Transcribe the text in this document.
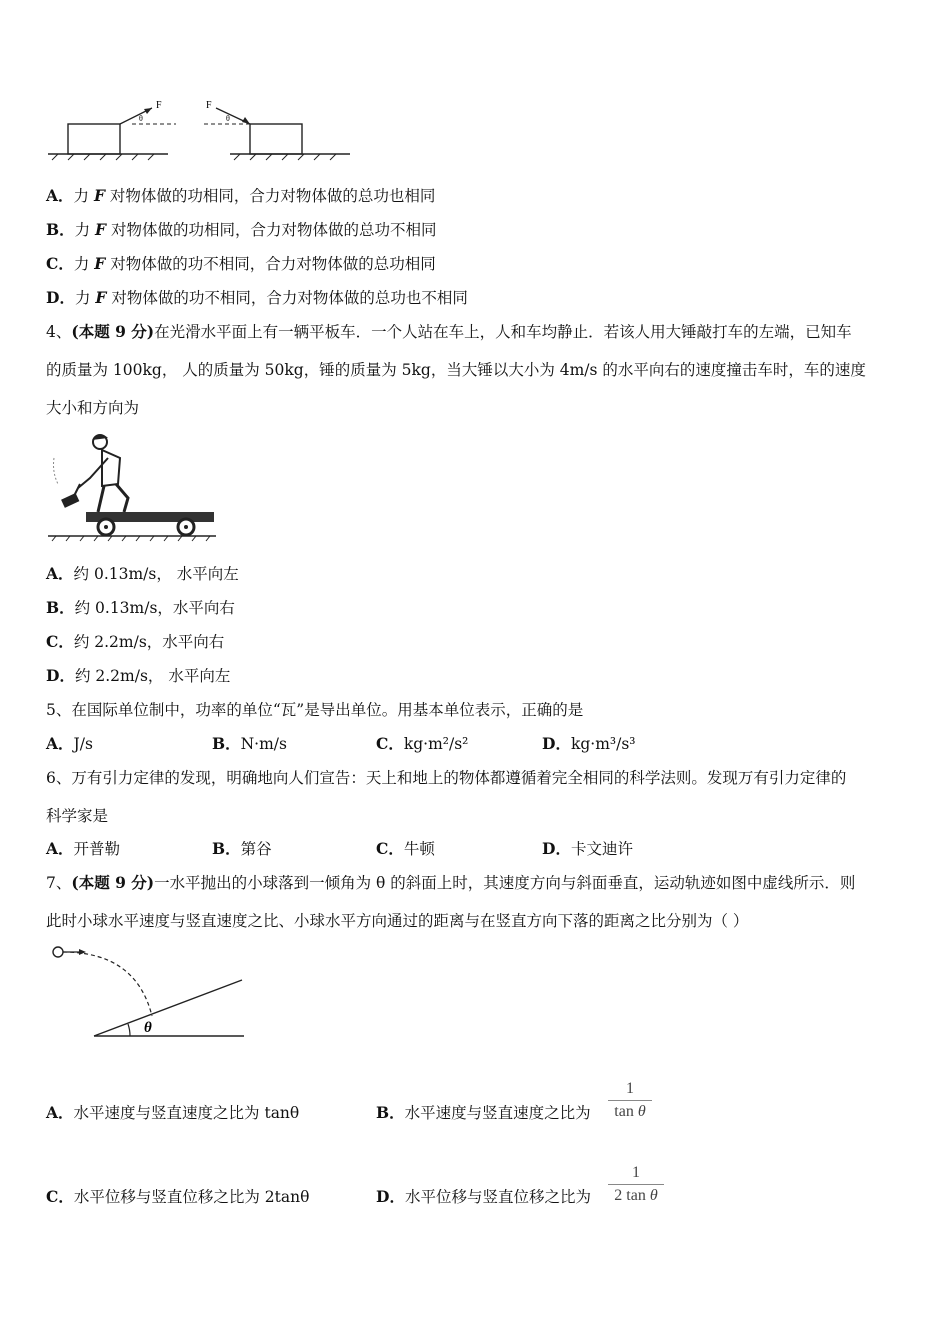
F
θ
F
θ
A．力 F 对物体做的功相同，合力对物体做的总功也相同
B．力 F 对物体做的功相同，合力对物体做的总功不相同
C．力 F 对物体做的功不相同，合力对物体做的总功相同
D．力 F 对物体做的功不相同，合力对物体做的总功也不相同
4、(本题 9 分)在光滑水平面上有一辆平板车．一个人站在车上，人和车均静止．若该人用大锤敲打车的左端，已知车
的质量为 100kg， 人的质量为 50kg，锤的质量为 5kg，当大锤以大小为 4m/s 的水平向右的速度撞击车时，车的速度
大小和方向为
A．约 0.13m/s， 水平向左
B．约 0.13m/s，水平向右
C．约 2.2m/s，水平向右
D．约 2.2m/s， 水平向左
5、在国际单位制中，功率的单位“瓦”是导出单位。用基本单位表示，正确的是
A．J/s	B．N·m/s	C．kg·m²/s²	D．kg·m³/s³
6、万有引力定律的发现，明确地向人们宣告：天上和地上的物体都遵循着完全相同的科学法则。发现万有引力定律的
科学家是
A．开普勒	B．第谷	C．牛顿	D．卡文迪许
7、(本题 9 分)一水平抛出的小球落到一倾角为 θ 的斜面上时，其速度方向与斜面垂直，运动轨迹如图中虚线所示．则
此时小球水平速度与竖直速度之比、小球水平方向通过的距离与在竖直方向下落的距离之比分别为（ ）
θ
A．水平速度与竖直速度之比为 tanθ	B．水平速度与竖直速度之比为
1
tan θ
C．水平位移与竖直位移之比为 2tanθ	D．水平位移与竖直位移之比为
1
2 tan θ
